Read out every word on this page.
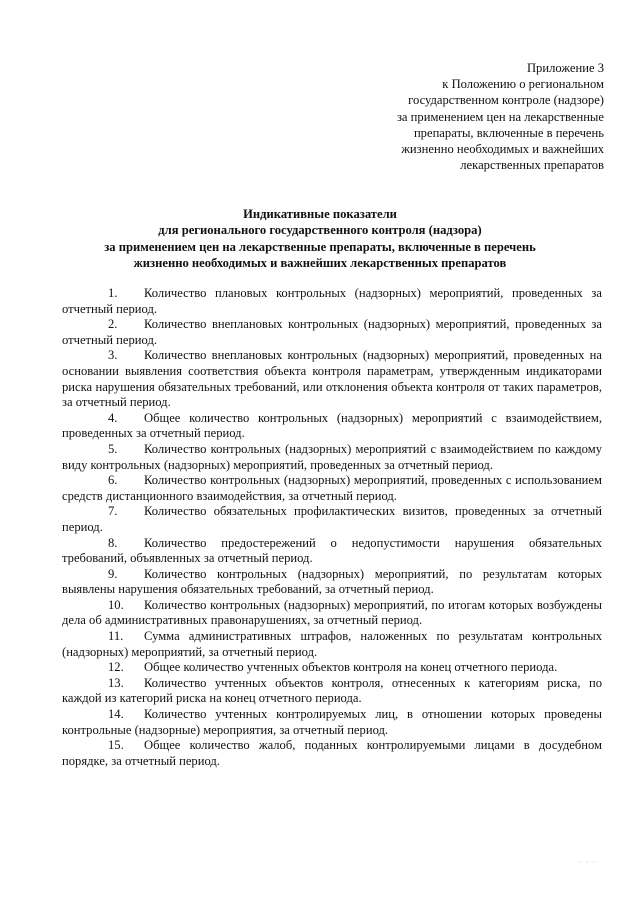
Приложение 3
к Положению о региональном
государственном контроле (надзоре)
за применением цен на лекарственные
препараты, включенные в перечень
жизненно необходимых и важнейших
лекарственных препаратов
Индикативные показатели
для регионального государственного контроля (надзора)
за применением цен на лекарственные препараты, включенные в перечень
жизненно необходимых и важнейших лекарственных препаратов

1. Количество плановых контрольных (надзорных) мероприятий, проведенных за отчетный период.

2. Количество внеплановых контрольных (надзорных) мероприятий, проведенных за отчетный период.

3. Количество внеплановых контрольных (надзорных) мероприятий, проведенных на основании выявления соответствия объекта контроля параметрам, утвержденным индикаторами риска нарушения обязательных требований, или отклонения объекта контроля от таких параметров, за отчетный период.

4. Общее количество контрольных (надзорных) мероприятий с взаимодействием, проведенных за отчетный период.

5. Количество контрольных (надзорных) мероприятий с взаимодействием по каждому виду контрольных (надзорных) мероприятий, проведенных за отчетный период.

6. Количество контрольных (надзорных) мероприятий, проведенных с использованием средств дистанционного взаимодействия, за отчетный период.

7. Количество обязательных профилактических визитов, проведенных за отчетный период.

8. Количество предостережений о недопустимости нарушения обязательных требований, объявленных за отчетный период.

9. Количество контрольных (надзорных) мероприятий, по результатам которых выявлены нарушения обязательных требований, за отчетный период.

10. Количество контрольных (надзорных) мероприятий, по итогам которых возбуждены дела об административных правонарушениях, за отчетный период.

11. Сумма административных штрафов, наложенных по результатам контрольных (надзорных) мероприятий, за отчетный период.

12. Общее количество учтенных объектов контроля на конец отчетного периода.

13. Количество учтенных объектов контроля, отнесенных к категориям риска, по каждой из категорий риска на конец отчетного периода.

14. Количество учтенных контролируемых лиц, в отношении которых проведены контрольные (надзорные) мероприятия, за отчетный период.

15. Общее количество жалоб, поданных контролируемыми лицами в досудебном порядке, за отчетный период.

· · ·
